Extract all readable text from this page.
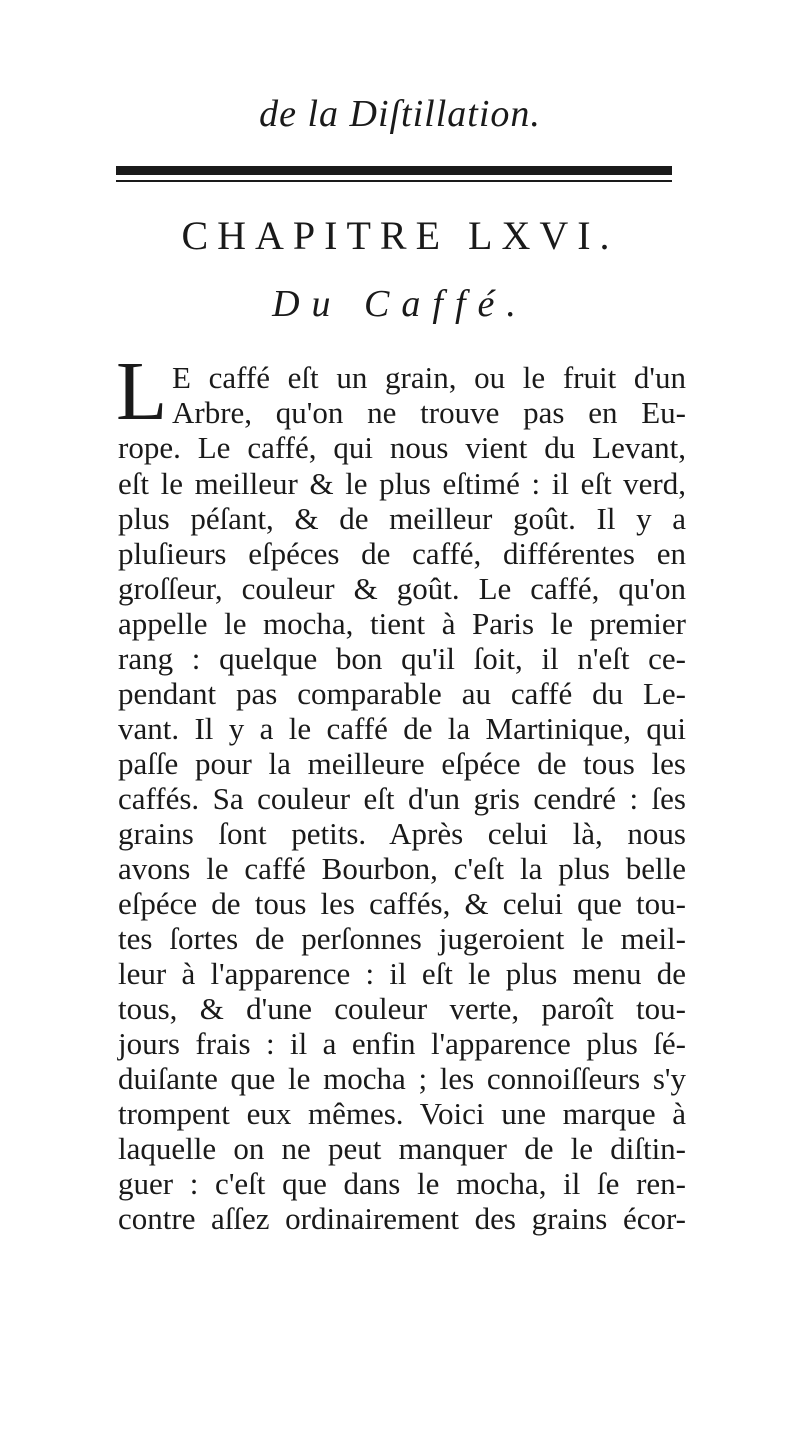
de la Diſtillation.
CHAPITRE LXVI.
Du Caffé.
L E caffé eſt un grain, ou le fruit d'un
Arbre, qu'on ne trouve pas en Eu-
rope. Le caffé, qui nous vient du Levant,
eſt le meilleur & le plus eſtimé : il eſt verd,
plus péſant, & de meilleur goût. Il y a
pluſieurs eſpéces de caffé, différentes en
groſſeur, couleur & goût. Le caffé, qu'on
appelle le mocha, tient à Paris le premier
rang : quelque bon qu'il ſoit, il n'eſt ce-
pendant pas comparable au caffé du Le-
vant. Il y a le caffé de la Martinique, qui
paſſe pour la meilleure eſpéce de tous les
caffés. Sa couleur eſt d'un gris cendré : ſes
grains ſont petits. Après celui là, nous
avons le caffé Bourbon, c'eſt la plus belle
eſpéce de tous les caffés, & celui que tou-
tes ſortes de perſonnes jugeroient le meil-
leur à l'apparence : il eſt le plus menu de
tous, & d'une couleur verte, paroît tou-
jours frais : il a enfin l'apparence plus ſé-
duiſante que le mocha ; les connoiſſeurs s'y
trompent eux mêmes. Voici une marque à
laquelle on ne peut manquer de le diſtin-
guer : c'eſt que dans le mocha, il ſe ren-
contre aſſez ordinairement des grains écor-
